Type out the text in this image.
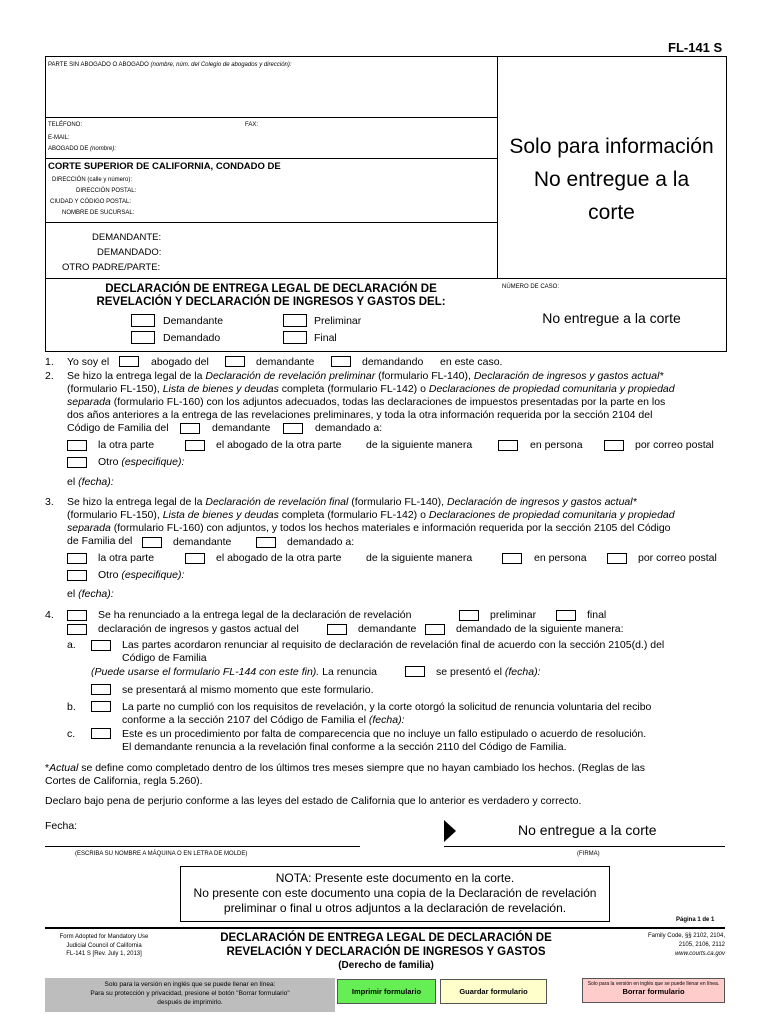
FL-141 S
PARTE SIN ABOGADO O ABOGADO (nombre, núm. del Colegio de abogados y dirección):
TELÉFONO:	FAX:
E-MAIL:
ABOGADO DE (nombre):
CORTE SUPERIOR DE CALIFORNIA, CONDADO DE
DIRECCIÓN (calle y número):
DIRECCIÓN POSTAL:
CIUDAD Y CÓDIGO POSTAL:
NOMBRE DE SUCURSAL:
DEMANDANTE:
DEMANDADO:
OTRO PADRE/PARTE:
Solo para información
No entregue a la
corte
DECLARACIÓN DE ENTREGA LEGAL DE DECLARACIÓN DE
REVELACIÓN Y DECLARACIÓN DE INGRESOS Y GASTOS DEL:
Demandante
Demandado
Preliminar
Final
NÚMERO DE CASO:
No entregue a la corte
1. Yo soy el	abogado del	demandante	demandando en este caso.
2. Se hizo la entrega legal de la Declaración de revelación preliminar (formulario FL-140), Declaración de ingresos y gastos actual*
(formulario FL-150), Lista de bienes y deudas completa (formulario FL-142) o Declaraciones de propiedad comunitaria y propiedad
separada (formulario FL-160) con los adjuntos adecuados, todas las declaraciones de impuestos presentadas por la parte en los
dos años anteriores a la entrega de las revelaciones preliminares, y toda la otra información requerida por la sección 2104 del
Código de Familia del	demandante	demandado a:
la otra parte	el abogado de la otra parte de la siguiente manera	en persona	por correo postal
Otro (especifique):
el (fecha):
3. Se hizo la entrega legal de la Declaración de revelación final (formulario FL-140), Declaración de ingresos y gastos actual*
(formulario FL-150), Lista de bienes y deudas completa (formulario FL-142) o Declaraciones de propiedad comunitaria y propiedad
separada (formulario FL-160) con adjuntos, y todos los hechos materiales e información requerida por la sección 2105 del Código
de Familia del	demandante	demandado a:
la otra parte	el abogado de la otra parte de la siguiente manera	en persona	por correo postal
Otro (especifique):
el (fecha):
4.	Se ha renunciado a la entrega legal de la declaración de revelación	preliminar	final
declaración de ingresos y gastos actual del	demandante	demandado de la siguiente manera:
a.	Las partes acordaron renunciar al requisito de declaración de revelación final de acuerdo con la sección 2105(d.) del
Código de Familia
(Puede usarse el formulario FL-144 con este fin). La renuncia	se presentó el (fecha):
se presentará al mismo momento que este formulario.
b.	La parte no cumplió con los requisitos de revelación, y la corte otorgó la solicitud de renuncia voluntaria del recibo
conforme a la sección 2107 del Código de Familia el (fecha):
c.	Este es un procedimiento por falta de comparecencia que no incluye un fallo estipulado o acuerdo de resolución.
El demandante renuncia a la revelación final conforme a la sección 2110 del Código de Familia.
*Actual se define como completado dentro de los últimos tres meses siempre que no hayan cambiado los hechos. (Reglas de las
Cortes de California, regla 5.260).
Declaro bajo pena de perjurio conforme a las leyes del estado de California que lo anterior es verdadero y correcto.
Fecha:	No entregue a la corte
(ESCRIBA SU NOMBRE A MÁQUINA O EN LETRA DE MOLDE)	(FIRMA)
NOTA: Presente este documento en la corte.
No presente con este documento una copia de la Declaración de revelación
preliminar o final u otros adjuntos a la declaración de revelación.
Página 1 de 1
Form Adopted for Mandatory Use
Judicial Council of California
FL-141 S [Rev. July 1, 2013]
DECLARACIÓN DE ENTREGA LEGAL DE DECLARACIÓN DE
REVELACIÓN Y DECLARACIÓN DE INGRESOS Y GASTOS
(Derecho de familia)
Family Code, §§ 2102, 2104,
2105, 2106, 2112
www.courts.ca.gov
Solo para la versión en inglés que se puede llenar en línea:
Para su protección y privacidad, presione el botón "Borrar formulario"
después de imprimirlo.
Imprimir formulario	Guardar formulario
Solo para la versión en inglés que se puede llenar en línea.
Borrar formulario
